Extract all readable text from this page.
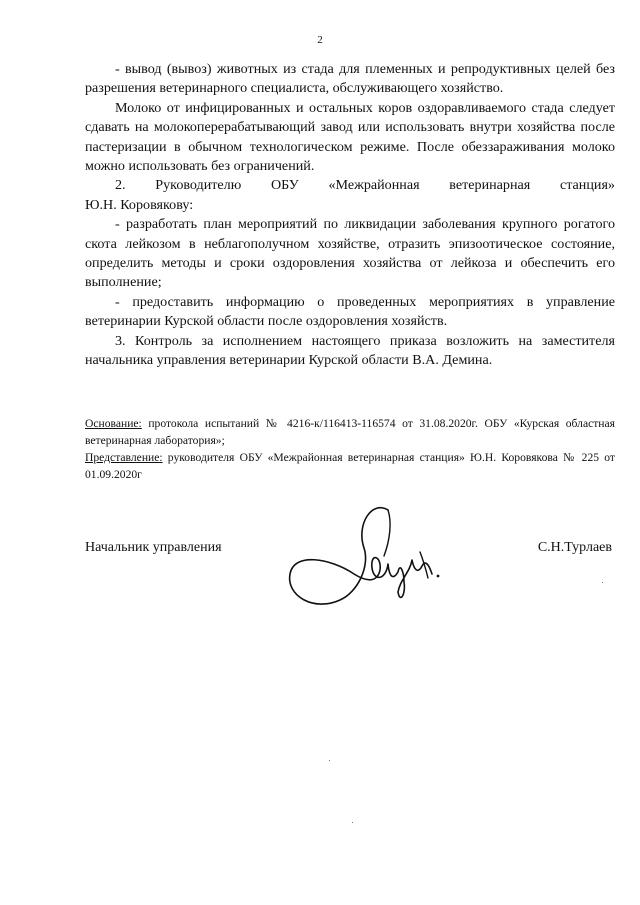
2

- вывод (вывоз) животных из стада для племенных и репродуктивных целей без разрешения ветеринарного специалиста, обслуживающего хозяйство.

Молоко от инфицированных и остальных коров оздоравливаемого стада следует сдавать на молокоперерабатывающий завод или использовать внутри хозяйства после пастеризации в обычном технологическом режиме. После обеззараживания молоко можно использовать без ограничений.

2. Руководителю ОБУ «Межрайонная ветеринарная станция»

Ю.Н. Коровякову:

- разработать план мероприятий по ликвидации заболевания крупного рогатого скота лейкозом в неблагополучном хозяйстве, отразить эпизоотическое состояние, определить методы и сроки оздоровления хозяйства от лейкоза и обеспечить его выполнение;

- предоставить информацию о проведенных мероприятиях в управление ветеринарии Курской области после оздоровления хозяйств.

3. Контроль за исполнением настоящего приказа возложить на заместителя начальника управления ветеринарии Курской области В.А. Демина.

Основание: протокола испытаний № 4216-к/116413-116574 от 31.08.2020г. ОБУ «Курская областная ветеринарная лаборатория»;

Представление: руководителя ОБУ «Межрайонная ветеринарная станция» Ю.Н. Коровякова № 225 от 01.09.2020г

Начальник управления	С.Н.Турлаев
